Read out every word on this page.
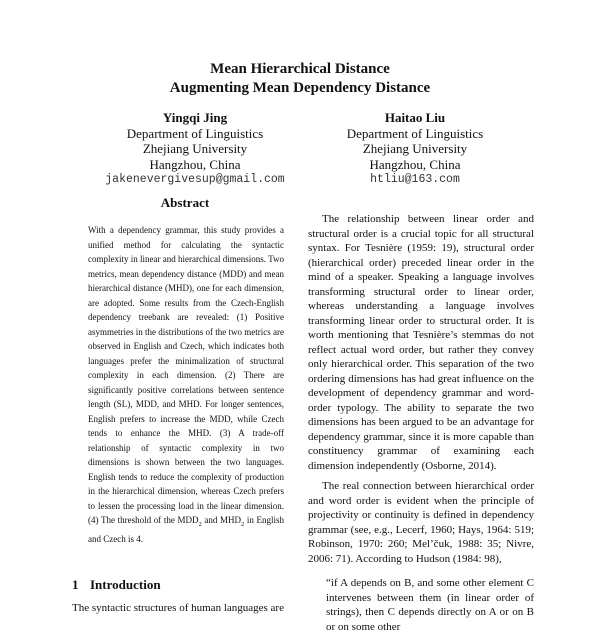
Mean Hierarchical Distance
Augmenting Mean Dependency Distance
Yingqi Jing
Department of Linguistics
Zhejiang University
Hangzhou, China
jakenevergivesup@gmail.com
Haitao Liu
Department of Linguistics
Zhejiang University
Hangzhou, China
htliu@163.com
Abstract

With a dependency grammar, this study provides a unified method for calculating the syntactic complexity in linear and hierarchical dimensions. Two metrics, mean dependency distance (MDD) and mean hierarchical distance (MHD), one for each dimension, are adopted. Some results from the Czech-English dependency treebank are revealed: (1) Positive asymmetries in the distributions of the two metrics are observed in English and Czech, which indicates both languages prefer the minimalization of structural complexity in each dimension. (2) There are significantly positive correlations between sentence length (SL), MDD, and MHD. For longer sentences, English prefers to increase the MDD, while Czech tends to enhance the MHD. (3) A trade-off relationship of syntactic complexity in two dimensions is shown between the two languages. English tends to reduce the complexity of production in the hierarchical dimension, whereas Czech prefers to lessen the processing load in the linear dimension. (4) The threshold of the $MDD_2$ and $MHD_2$ in English and Czech is 4.

1 Introduction

The syntactic structures of human languages are

The relationship between linear order and structural order is a crucial topic for all structural syntax. For Tesnière (1959: 19), structural order (hierarchical order) preceded linear order in the mind of a speaker. Speaking a language involves transforming structural order to linear order, whereas understanding a language involves transforming linear order to structural order. It is worth mentioning that Tesnière’s stemmas do not reflect actual word order, but rather they convey only hierarchical order. This separation of the two ordering dimensions has had great influence on the development of dependency grammar and word-order typology. The ability to separate the two dimensions has been argued to be an advantage for dependency grammar, since it is more capable than constituency grammar of examining each dimension independently (Osborne, 2014).

The real connection between hierarchical order and word order is evident when the principle of projectivity or continuity is defined in dependency grammar (see, e.g., Lecerf, 1960; Hays, 1964: 519; Robinson, 1970: 260; Mel’čuk, 1988: 35; Nivre, 2006: 71). According to Hudson (1984: 98),

“if A depends on B, and some other element C intervenes between them (in linear order of strings), then C depends directly on A or on B or on some other
